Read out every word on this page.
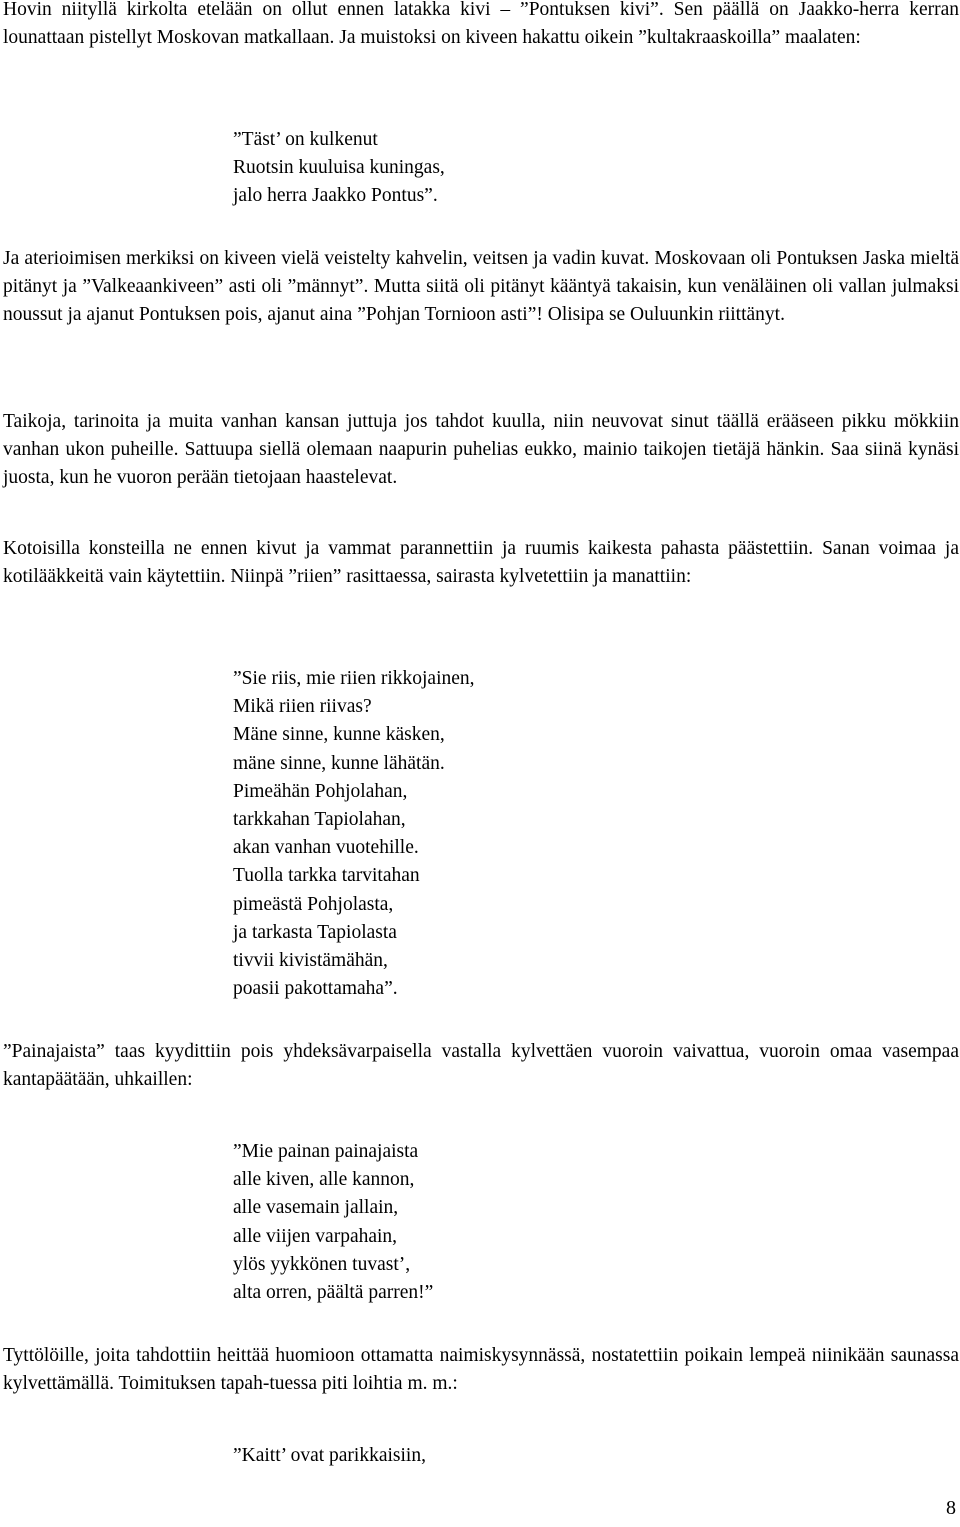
Hovin niityllä kirkolta etelään on ollut ennen latakka kivi – ”Pontuksen kivi”. Sen päällä on Jaakko-herra kerran lounattaan pistellyt Moskovan matkallaan. Ja muistoksi on kiveen hakattu oikein ”kultakraaskoilla” maalaten:

”Täst’ on kulkenut
Ruotsin kuuluisa kuningas,
jalo herra Jaakko Pontus”.

Ja aterioimisen merkiksi on kiveen vielä veistelty kahvelin, veitsen ja vadin kuvat. Moskovaan oli Pontuksen Jaska mieltä pitänyt ja ”Valkeaankiveen” asti oli ”männyt”. Mutta siitä oli pitänyt kääntyä takaisin, kun venäläinen oli vallan julmaksi noussut ja ajanut Pontuksen pois, ajanut aina ”Pohjan Tornioon asti”! Olisipa se Ouluunkin riittänyt.

Taikoja, tarinoita ja muita vanhan kansan juttuja jos tahdot kuulla, niin neuvovat sinut täällä erääseen pikku mökkiin vanhan ukon puheille. Sattuupa siellä olemaan naapurin puhelias eukko, mainio taikojen tietäjä hänkin. Saa siinä kynäsi juosta, kun he vuoron perään tietojaan haastelevat.

Kotoisilla konsteilla ne ennen kivut ja vammat parannettiin ja ruumis kaikesta pahasta päästettiin. Sanan voimaa ja kotilääkkeitä vain käytettiin. Niinpä ”riien” rasittaessa, sairasta kylvetettiin ja manattiin:

”Sie riis, mie riien rikkojainen,
Mikä riien riivas?
Mäne sinne, kunne käsken,
mäne sinne, kunne lähätän.
Pimeähän Pohjolahan,
tarkkahan Tapiolahan,
akan vanhan vuotehille.
Tuolla tarkka tarvitahan
pimeästä Pohjolasta,
ja tarkasta Tapiolasta
tivvii kivistämähän,
poasii pakottamaha”.

”Painajaista” taas kyydittiin pois yhdeksävarpaisella vastalla kylvettäen vuoroin vaivattua, vuoroin omaa vasempaa kantapäätään, uhkaillen:

”Mie painan painajaista
alle kiven, alle kannon,
alle vasemain jallain,
alle viijen varpahain,
ylös yykkönen tuvast’,
alta orren, päältä parren!”

Tyttölöille, joita tahdottiin heittää huomioon ottamatta naimiskysynnässä, nostatettiin poikain lempeä niinikään saunassa kylvettämällä. Toimituksen tapah-tuessa piti loihtia m. m.:

”Kaitt’ ovat parikkaisiin,
8
